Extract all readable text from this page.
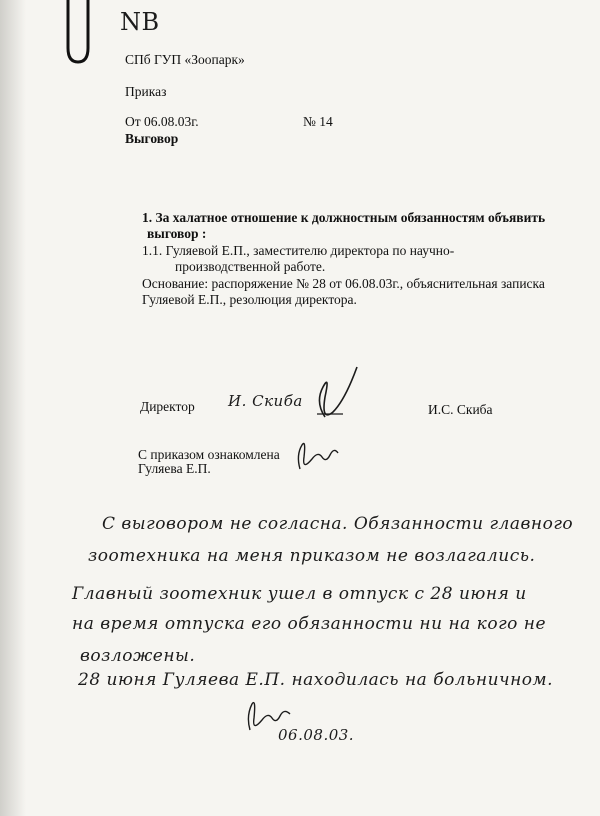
NB
СПб ГУП «Зоопарк»
Приказ
От 06.08.03г.	№ 14
Выговор
1. За халатное отношение к должностным обязанностям объявить
выговор :
1.1. Гуляевой Е.П., заместителю директора по научно-
производственной работе.
Основание: распоряжение № 28 от 06.08.03г., объяснительная записка
Гуляевой Е.П., резолюция директора.
Директор И. Скиба	И.С. Скиба
С приказом ознакомлена
Гуляева Е.П.
С выговором не согласна. Обязанности главного
зоотехника на меня приказом не возлагались.
Главный зоотехник ушел в отпуск с 28 июня и
на время отпуска его обязанности ни на кого не
возложены.
28 июня Гуляева Е.П. находилась на больничном.
06.08.03.
